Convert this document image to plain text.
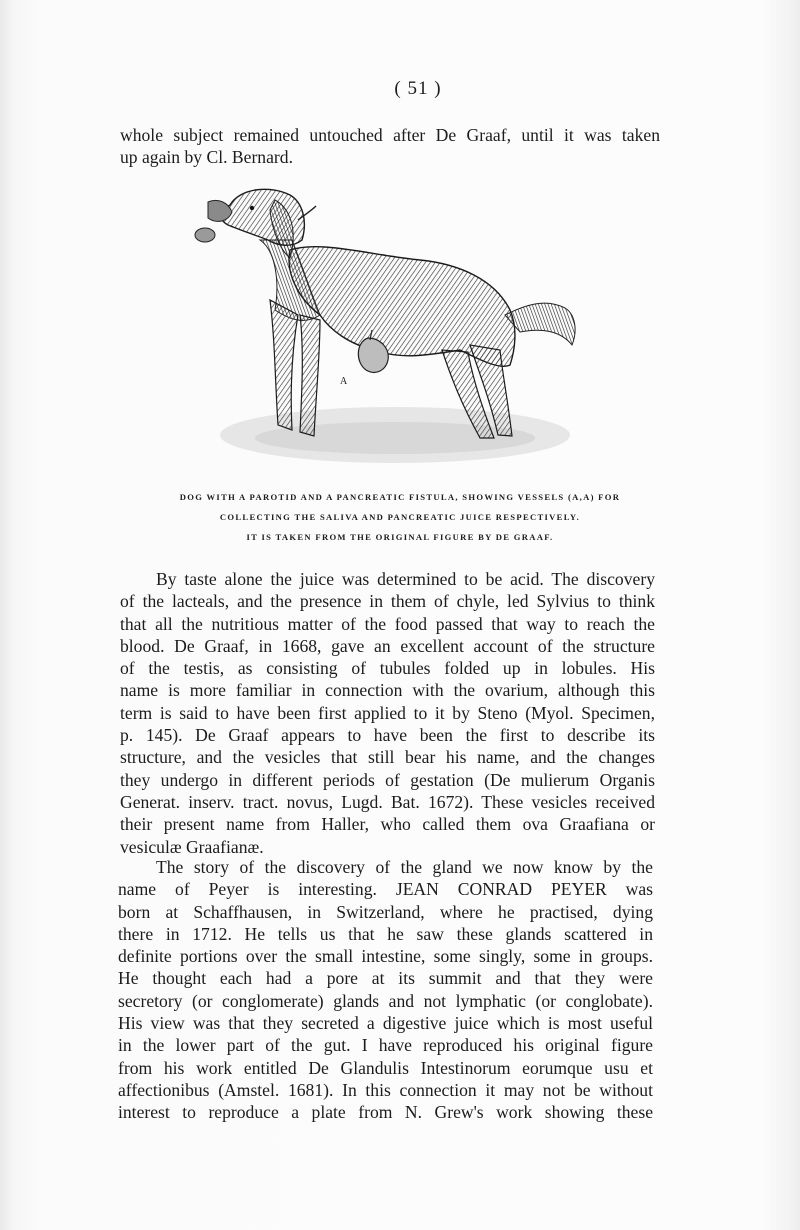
( 51 )
whole subject remained untouched after De Graaf, until it was taken
up again by Cl. Bernard.
A
DOG WITH A PAROTID AND A PANCREATIC FISTULA, SHOWING VESSELS (A,A) FOR
COLLECTING THE SALIVA AND PANCREATIC JUICE RESPECTIVELY.
IT IS TAKEN FROM THE ORIGINAL FIGURE BY DE GRAAF.
By taste alone the juice was determined to be acid. The discovery
of the lacteals, and the presence in them of chyle, led Sylvius to think
that all the nutritious matter of the food passed that way to reach the
blood. De Graaf, in 1668, gave an excellent account of the structure
of the testis, as consisting of tubules folded up in lobules. His
name is more familiar in connection with the ovarium, although this
term is said to have been first applied to it by Steno (Myol. Specimen,
p. 145). De Graaf appears to have been the first to describe its
structure, and the vesicles that still bear his name, and the changes
they undergo in different periods of gestation (De mulierum Organis
Generat. inserv. tract. novus, Lugd. Bat. 1672). These vesicles received
their present name from Haller, who called them ova Graafiana or
vesiculæ Graafianæ.
The story of the discovery of the gland we now know by the
name of Peyer is interesting. JEAN CONRAD PEYER was
born at Schaffhausen, in Switzerland, where he practised, dying
there in 1712. He tells us that he saw these glands scattered in
definite portions over the small intestine, some singly, some in groups.
He thought each had a pore at its summit and that they were
secretory (or conglomerate) glands and not lymphatic (or conglobate).
His view was that they secreted a digestive juice which is most useful
in the lower part of the gut. I have reproduced his original figure
from his work entitled De Glandulis Intestinorum eorumque usu et
affectionibus (Amstel. 1681). In this connection it may not be without
interest to reproduce a plate from N. Grew's work showing these
